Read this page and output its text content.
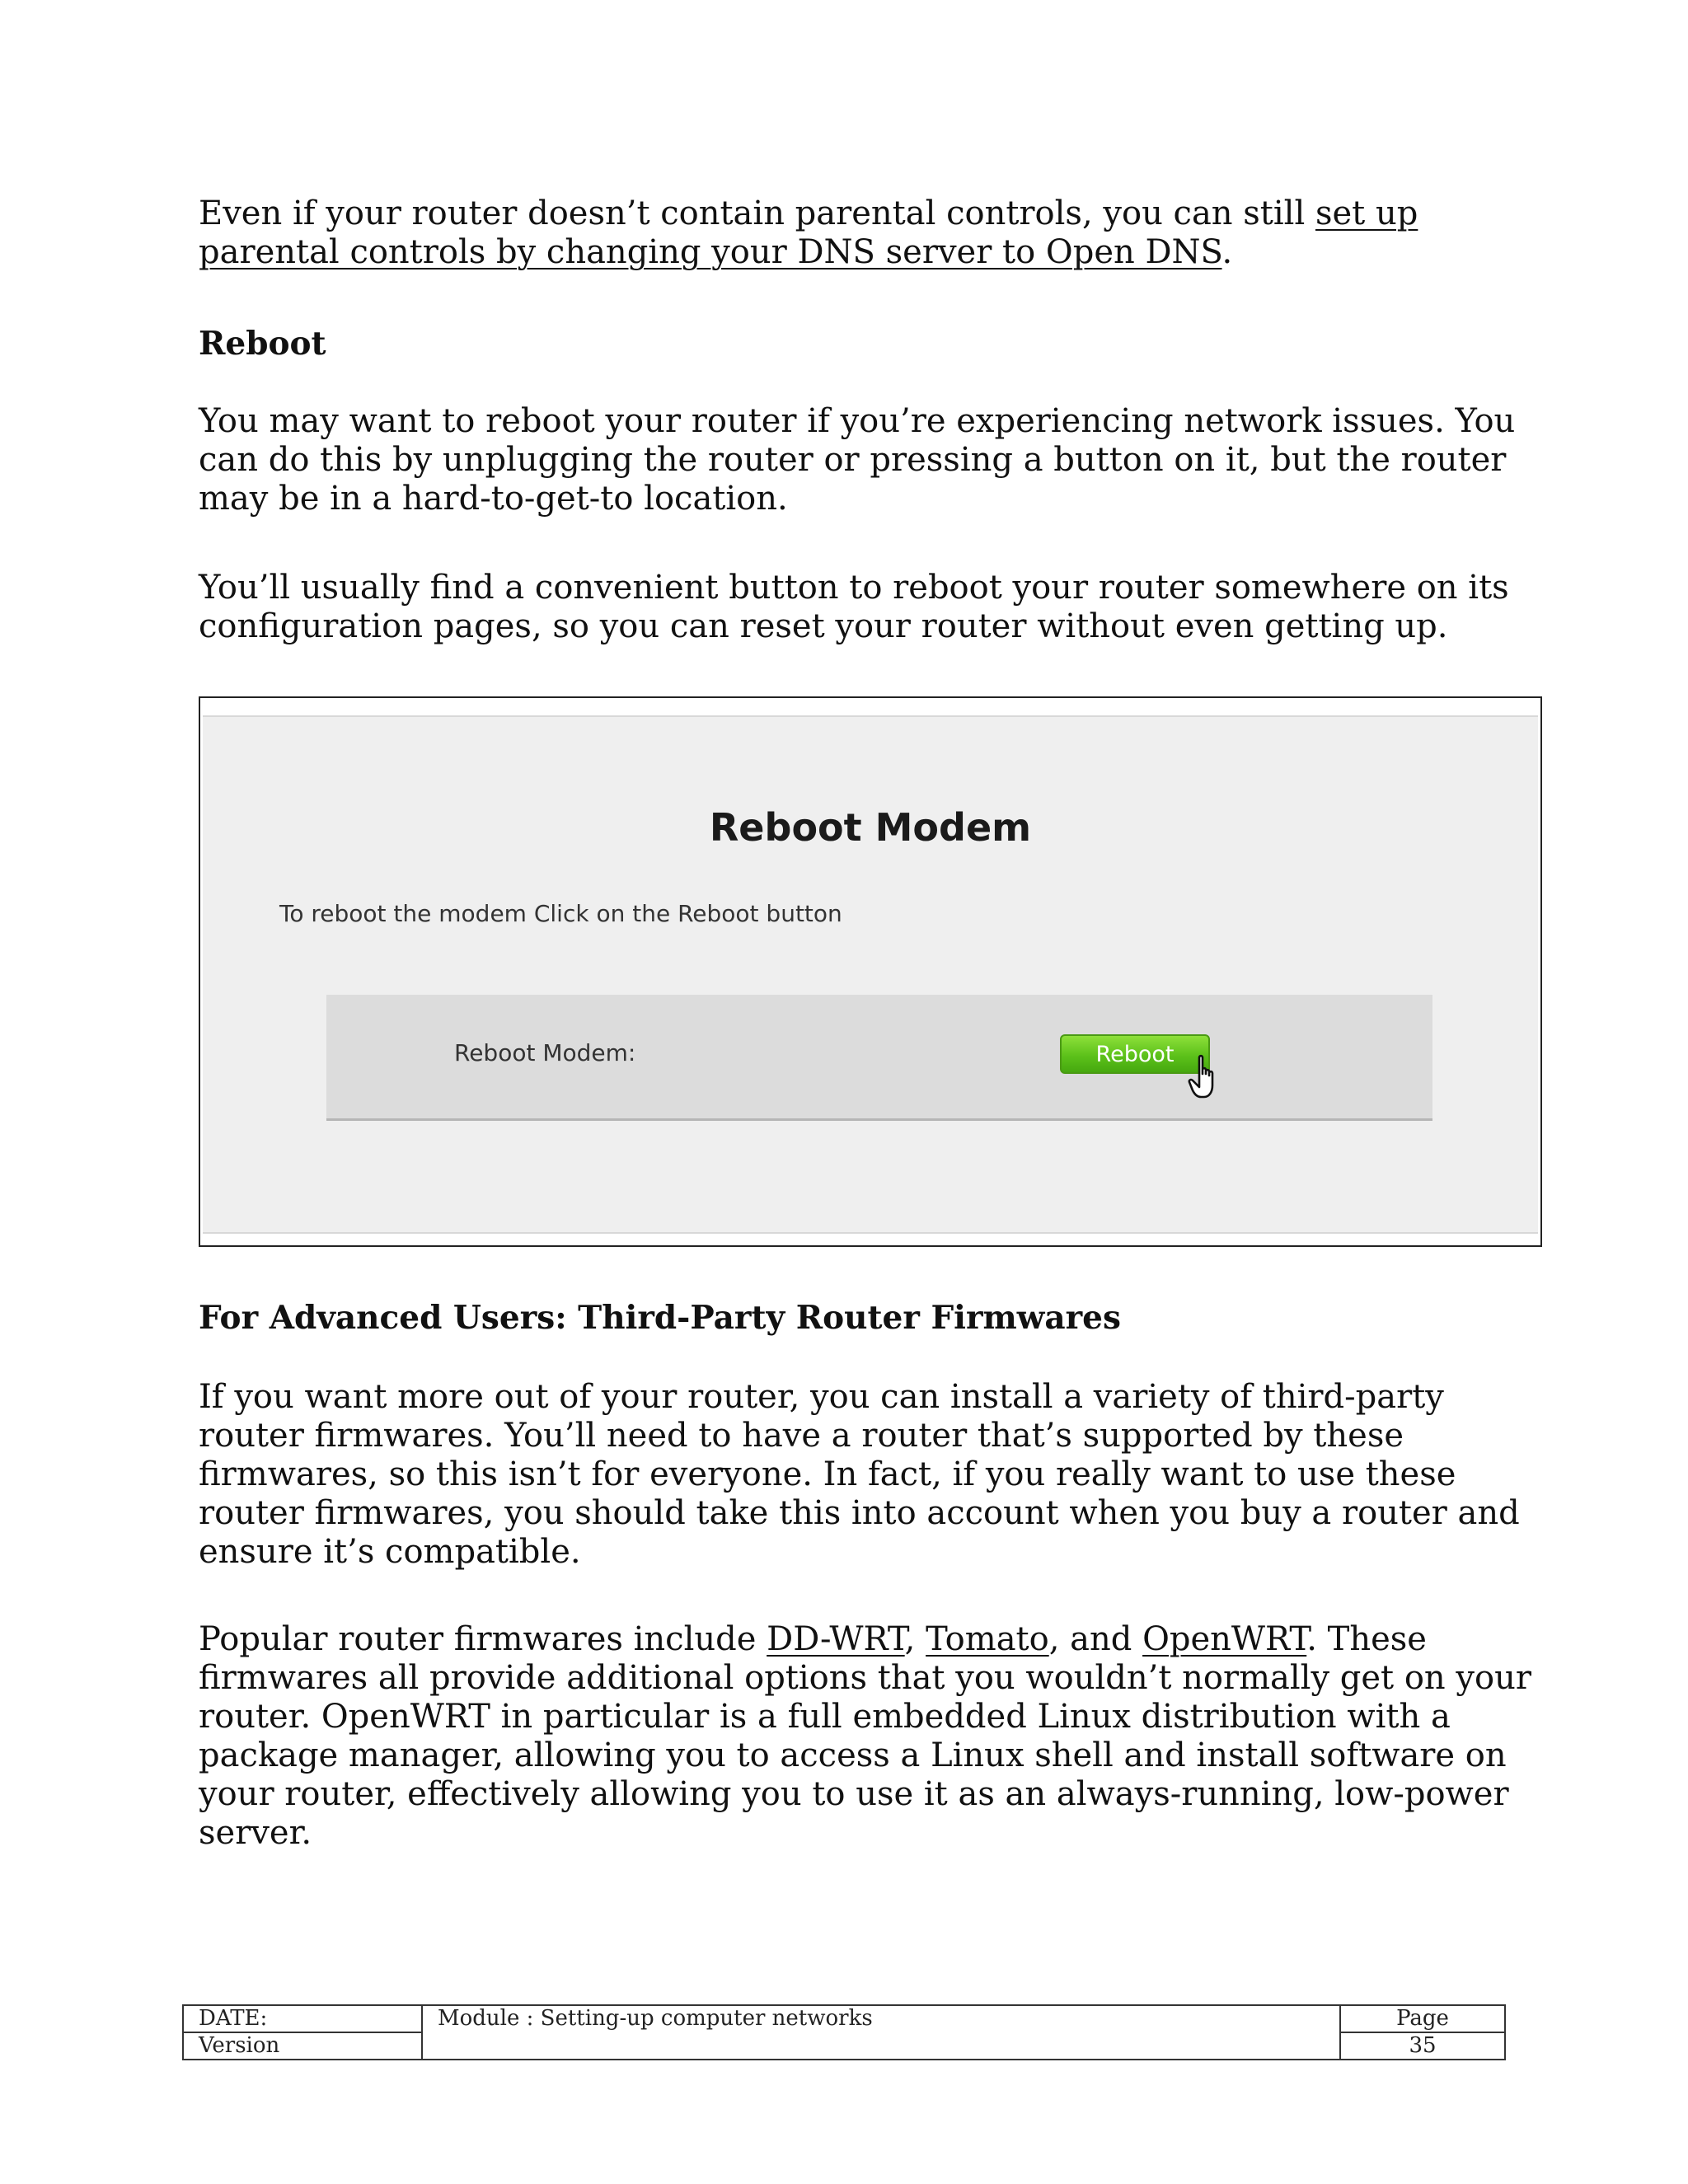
Even if your router doesn’t contain parental controls, you can still set up parental controls by changing your DNS server to Open DNS.

Reboot

You may want to reboot your router if you’re experiencing network issues. You can do this by unplugging the router or pressing a button on it, but the router may be in a hard-to-get-to location.

You’ll usually find a convenient button to reboot your router somewhere on its configuration pages, so you can reset your router without even getting up.

Reboot Modem
To reboot the modem Click on the Reboot button
Reboot Modem:	Reboot
For Advanced Users: Third-Party Router Firmwares

If you want more out of your router, you can install a variety of third-party router firmwares. You’ll need to have a router that’s supported by these firmwares, so this isn’t for everyone. In fact, if you really want to use these router firmwares, you should take this into account when you buy a router and ensure it’s compatible.

Popular router firmwares include DD-WRT, Tomato, and OpenWRT. These firmwares all provide additional options that you wouldn’t normally get on your router. OpenWRT in particular is a full embedded Linux distribution with a package manager, allowing you to access a Linux shell and install software on your router, effectively allowing you to use it as an always-running, low-power server.

DATE:	Module : Setting-up computer networks	Page
Version		35
